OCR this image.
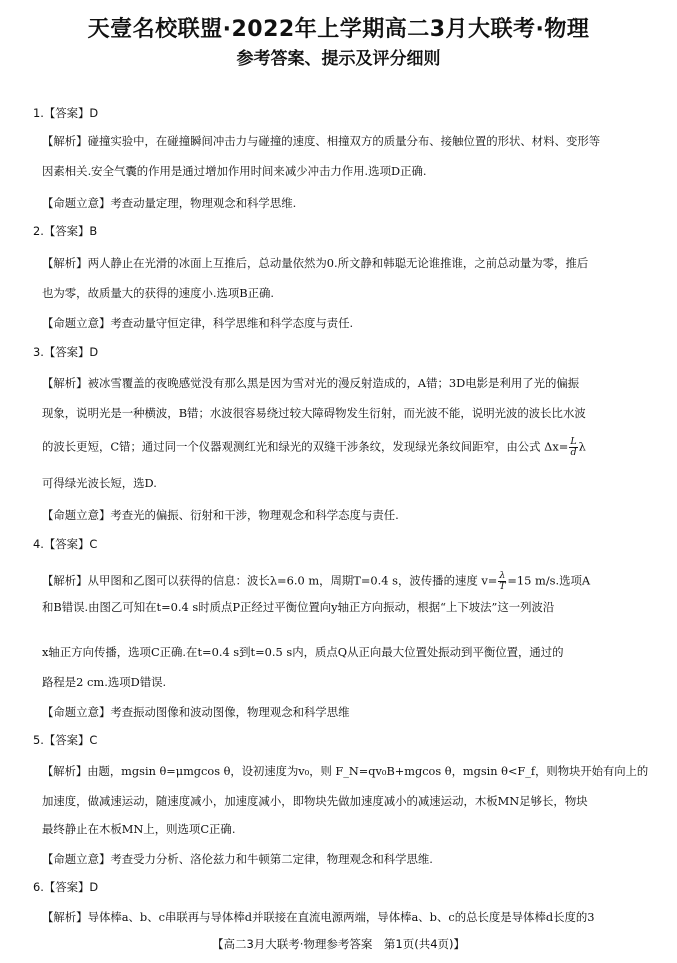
天壹名校联盟·2022年上学期高二3月大联考·物理
参考答案、提示及评分细则
1.【答案】D
【解析】碰撞实验中，在碰撞瞬间冲击力与碰撞的速度、相撞双方的质量分布、接触位置的形状、材料、变形等
因素相关.安全气囊的作用是通过增加作用时间来减少冲击力作用.选项D正确.
【命题立意】考查动量定理，物理观念和科学思维.
2.【答案】B
【解析】两人静止在光滑的冰面上互推后，总动量依然为0.所文静和韩聪无论谁推谁，之前总动量为零，推后
也为零，故质量大的获得的速度小.选项B正确.
【命题立意】考查动量守恒定律，科学思维和科学态度与责任.
3.【答案】D
【解析】被冰雪覆盖的夜晚感觉没有那么黑是因为雪对光的漫反射造成的，A错；3D电影是利用了光的偏振
现象，说明光是一种横波，B错；水波很容易绕过较大障碍物发生衍射，而光波不能，说明光波的波长比水波
的波长更短，C错；通过同一个仪器观测红光和绿光的双缝干涉条纹，发现绿光条纹间距窄，由公式 $\Delta x= \frac{L}{d}$ λ
可得绿光波长短，选D.
【命题立意】考查光的偏振、衍射和干涉，物理观念和科学态度与责任.
4.【答案】C
【解析】从甲图和乙图可以获得的信息：波长λ=6.0 m，周期T=0.4 s，波传播的速度 $v= \frac{\lambda}{T} =15$ m/s.选项A
和B错误.由图乙可知在t=0.4 s时质点P正经过平衡位置向y轴正方向振动，根据“上下坡法”这一列波沿
x轴正方向传播，选项C正确.在t=0.4 s到t=0.5 s内，质点Q从正向最大位置处振动到平衡位置，通过的
路程是2 cm.选项D错误.
【命题立意】考查振动图像和波动图像，物理观念和科学思维
5.【答案】C
【解析】由题，mgsin θ=μmgcos θ，设初速度为v₀，则 F_N=qv₀B+mgcos θ，mgsin θ<F_f，则物块开始有向上的
加速度，做减速运动，随速度减小，加速度减小，即物块先做加速度减小的减速运动，木板MN足够长，物块
最终静止在木板MN上，则选项C正确.
【命题立意】考查受力分析、洛伦兹力和牛顿第二定律，物理观念和科学思维.
6.【答案】D
【解析】导体棒a、b、c串联再与导体棒d并联接在直流电源两端，导体棒a、b、c的总长度是导体棒d长度的3
【高二3月大联考·物理参考答案　第1页(共4页)】
